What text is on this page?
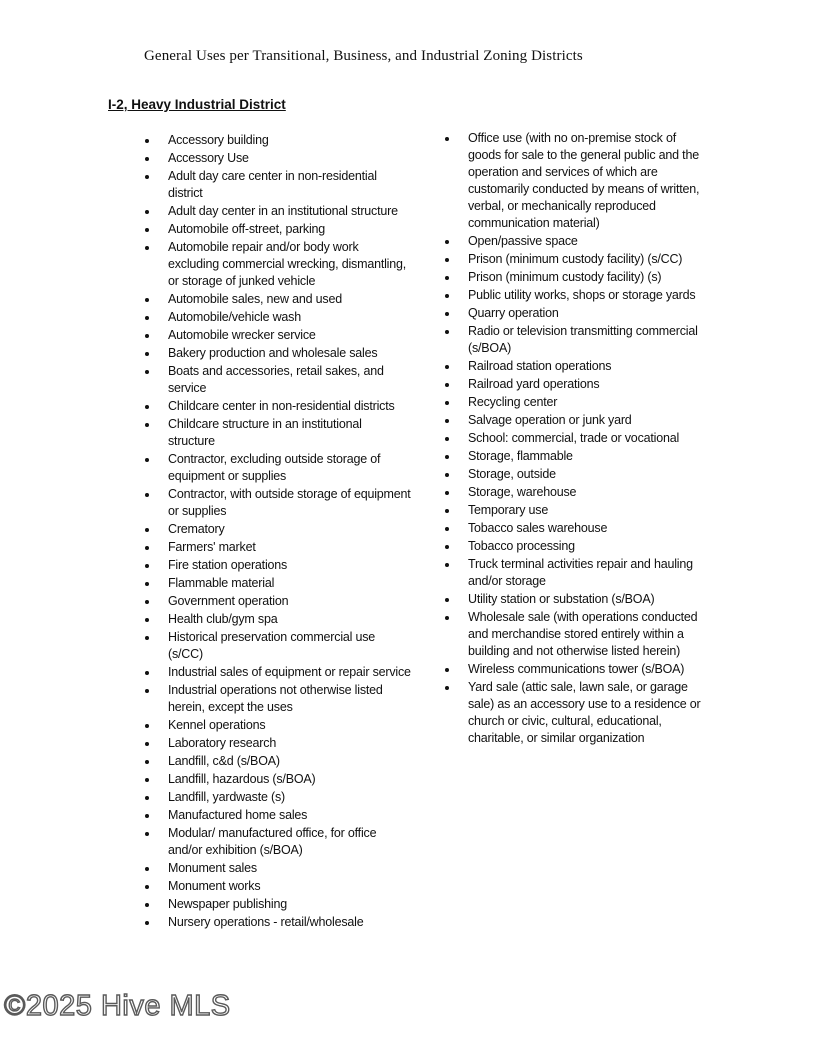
General Uses per Transitional, Business, and Industrial Zoning Districts
I-2, Heavy Industrial District
Accessory building
Accessory Use
Adult day care center in non-residential district
Adult day center in an institutional structure
Automobile off-street, parking
Automobile repair and/or body work excluding commercial wrecking, dismantling, or storage of junked vehicle
Automobile sales, new and used
Automobile/vehicle wash
Automobile wrecker service
Bakery production and wholesale sales
Boats and accessories, retail sakes, and service
Childcare center in non-residential districts
Childcare structure in an institutional structure
Contractor, excluding outside storage of equipment or supplies
Contractor, with outside storage of equipment or supplies
Crematory
Farmers' market
Fire station operations
Flammable material
Government operation
Health club/gym spa
Historical preservation commercial use (s/CC)
Industrial sales of equipment or repair service
Industrial operations not otherwise listed herein, except the uses
Kennel operations
Laboratory research
Landfill, c&d (s/BOA)
Landfill, hazardous (s/BOA)
Landfill, yardwaste (s)
Manufactured home sales
Modular/ manufactured office, for office and/or exhibition (s/BOA)
Monument sales
Monument works
Newspaper publishing
Nursery operations - retail/wholesale
Office use (with no on-premise stock of goods for sale to the general public and the operation and services of which are customarily conducted by means of written, verbal, or mechanically reproduced communication material)
Open/passive space
Prison (minimum custody facility) (s/CC)
Prison (minimum custody facility) (s)
Public utility works, shops or storage yards
Quarry operation
Radio or television transmitting commercial (s/BOA)
Railroad station operations
Railroad yard operations
Recycling center
Salvage operation or junk yard
School: commercial, trade or vocational
Storage, flammable
Storage, outside
Storage, warehouse
Temporary use
Tobacco sales warehouse
Tobacco processing
Truck terminal activities repair and hauling and/or storage
Utility station or substation (s/BOA)
Wholesale sale (with operations conducted and merchandise stored entirely within a building and not otherwise listed herein)
Wireless communications tower (s/BOA)
Yard sale (attic sale, lawn sale, or garage sale) as an accessory use to a residence or church or civic, cultural, educational, charitable, or similar organization
©2025 Hive MLS
